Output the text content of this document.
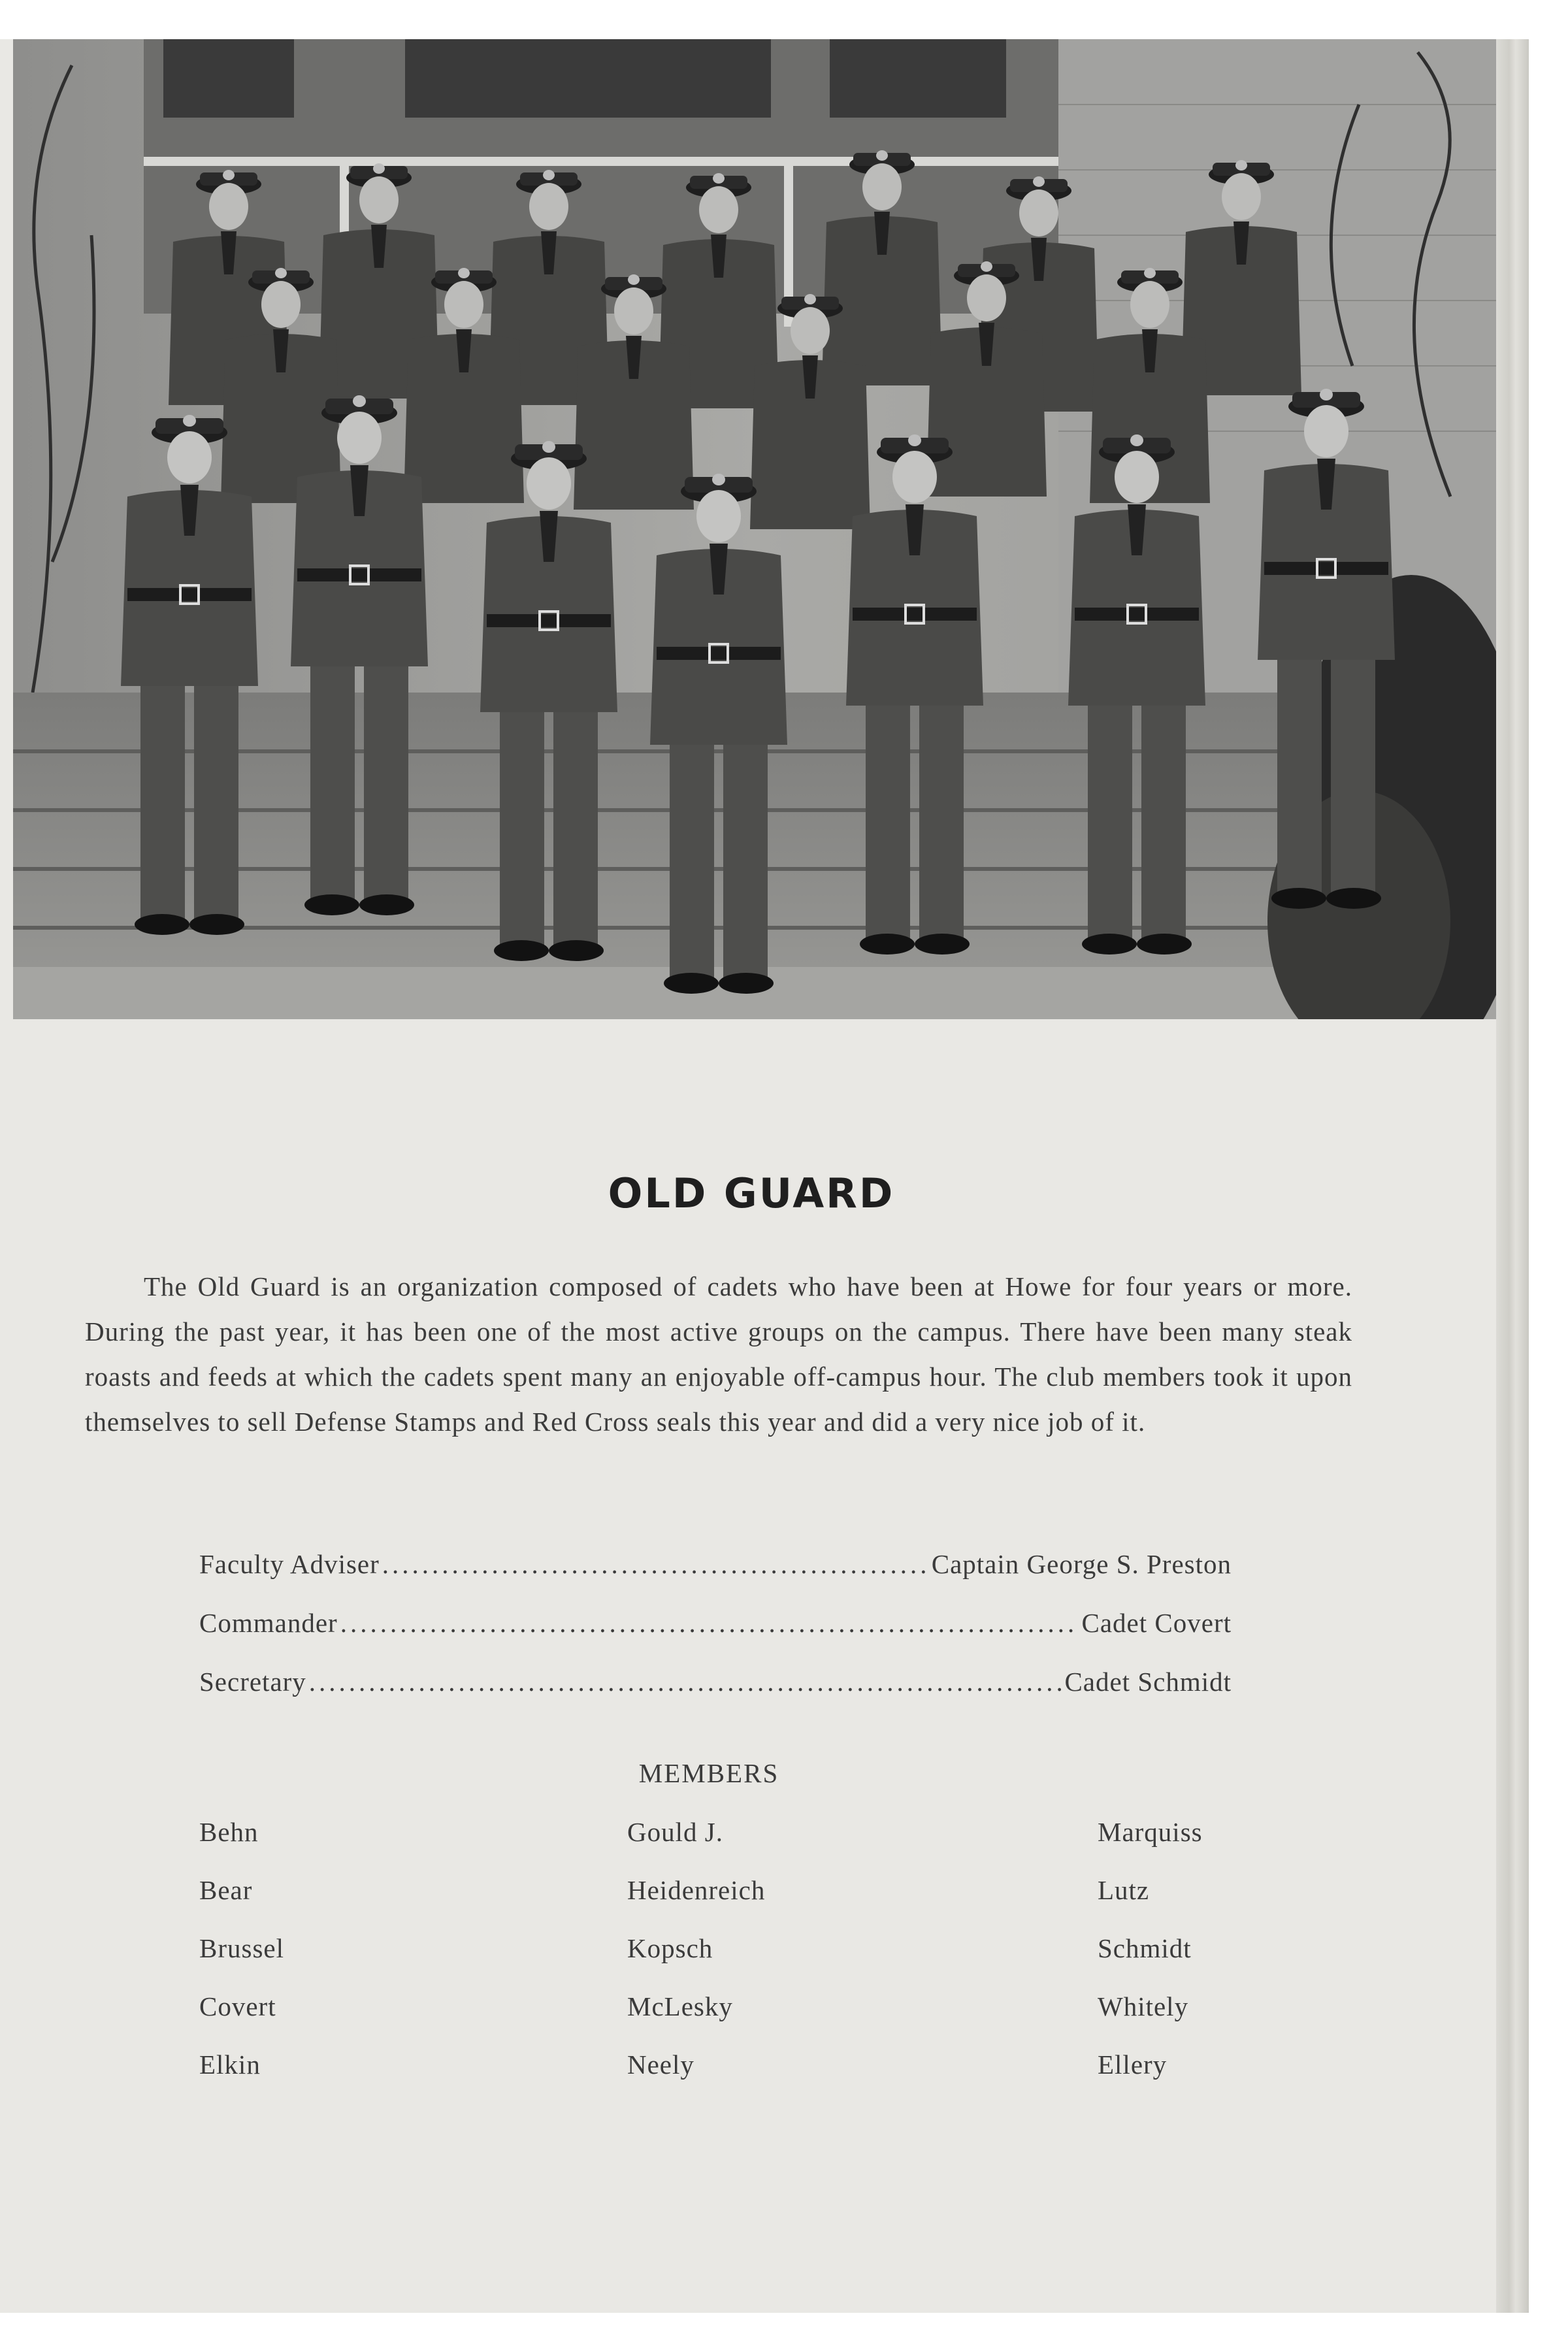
OLD GUARD
The Old Guard is an organization composed of cadets who have been at Howe for four years or more. During the past year, it has been one of the most active groups on the campus. There have been many steak roasts and feeds at which the cadets spent many an enjoyable off-campus hour. The club members took it upon themselves to sell Defense Stamps and Red Cross seals this year and did a very nice job of it.
Faculty Adviser .....	Captain George S. Preston
Commander .....	Cadet Covert
Secretary .....	Cadet Schmidt
MEMBERS
Behn	Gould J.	Marquiss
Bear	Heidenreich	Lutz
Brussel	Kopsch	Schmidt
Covert	McLesky	Whitely
Elkin	Neely	Ellery
